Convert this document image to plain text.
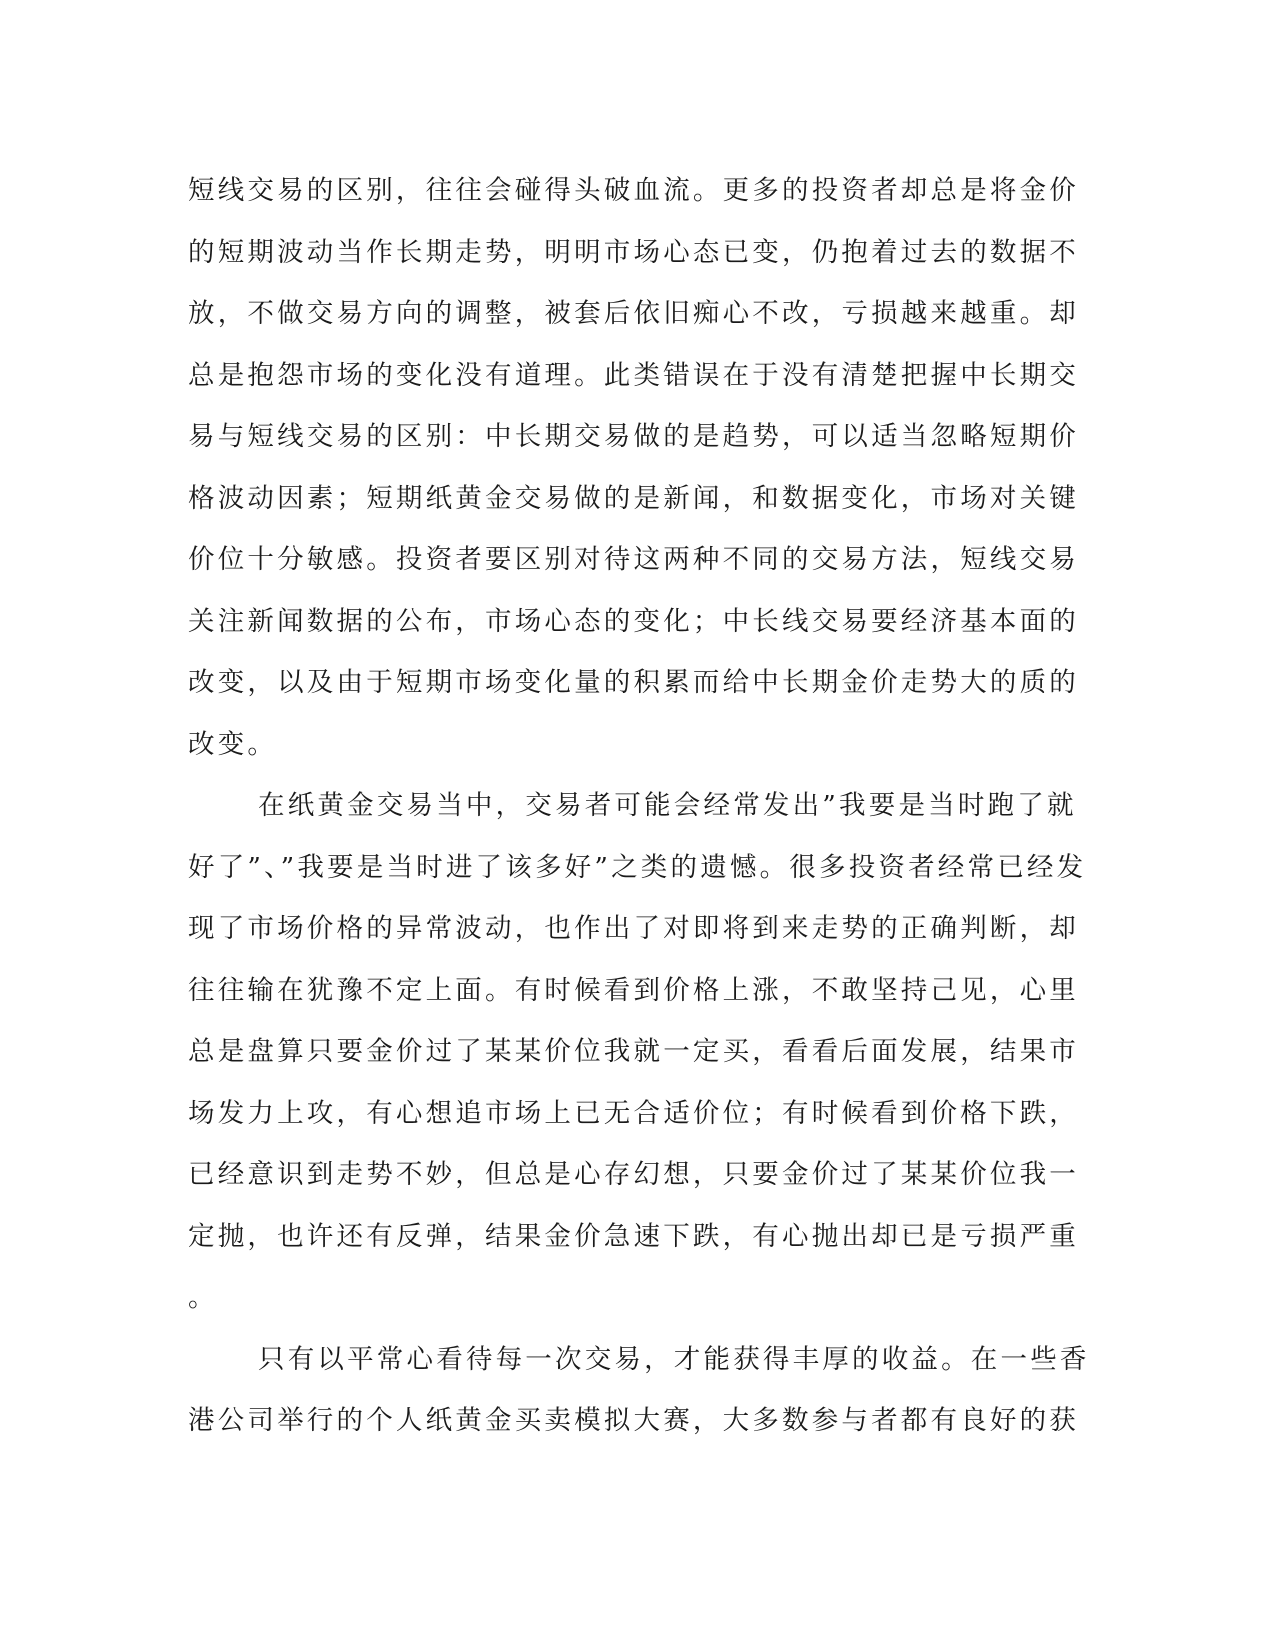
短线交易的区别，往往会碰得头破血流。更多的投资者却总是将金价
的短期波动当作长期走势，明明市场心态已变，仍抱着过去的数据不
放，不做交易方向的调整，被套后依旧痴心不改，亏损越来越重。却
总是抱怨市场的变化没有道理。此类错误在于没有清楚把握中长期交
易与短线交易的区别：中长期交易做的是趋势，可以适当忽略短期价
格波动因素；短期纸黄金交易做的是新闻，和数据变化，市场对关键
价位十分敏感。投资者要区别对待这两种不同的交易方法，短线交易
关注新闻数据的公布，市场心态的变化；中长线交易要经济基本面的
改变，以及由于短期市场变化量的积累而给中长期金价走势大的质的
改变。
在纸黄金交易当中，交易者可能会经常发出”我要是当时跑了就
好了”、”我要是当时进了该多好”之类的遗憾。很多投资者经常已经发
现了市场价格的异常波动，也作出了对即将到来走势的正确判断，却
往往输在犹豫不定上面。有时候看到价格上涨，不敢坚持己见，心里
总是盘算只要金价过了某某价位我就一定买，看看后面发展，结果市
场发力上攻，有心想追市场上已无合适价位；有时候看到价格下跌，
已经意识到走势不妙，但总是心存幻想，只要金价过了某某价位我一
定抛，也许还有反弹，结果金价急速下跌，有心抛出却已是亏损严重
。
只有以平常心看待每一次交易，才能获得丰厚的收益。在一些香
港公司举行的个人纸黄金买卖模拟大赛，大多数参与者都有良好的获
